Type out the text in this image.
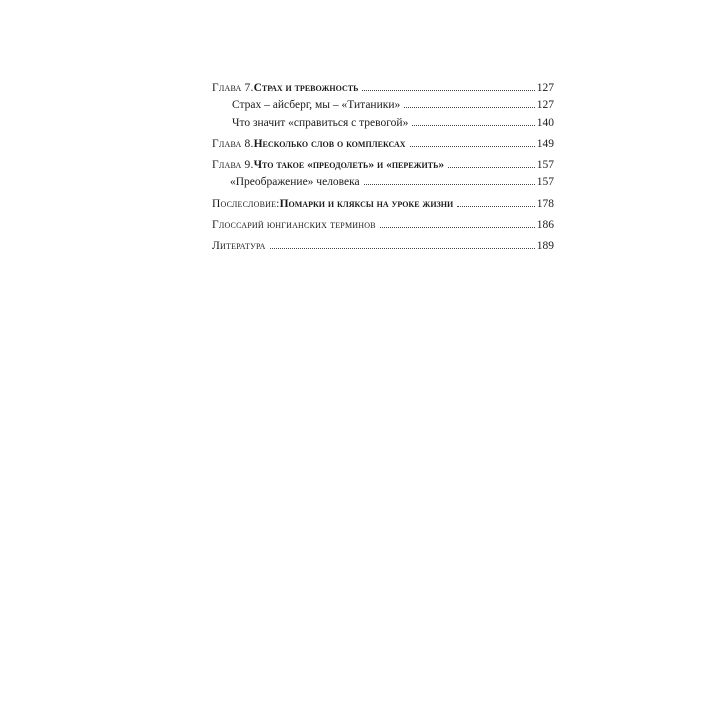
Глава 7. Страх и тревожность	127
Страх – айсберг, мы – «Титаники»	127
Что значит «справиться с тревогой»	140
Глава 8. Несколько слов о комплексах	149
Глава 9. Что такое «преодолеть» и «пережить»	157
«Преображение» человека	157
Послесловие: Помарки и кляксы на уроке жизни	178
Глоссарий юнгианских терминов	186
Литература	189
